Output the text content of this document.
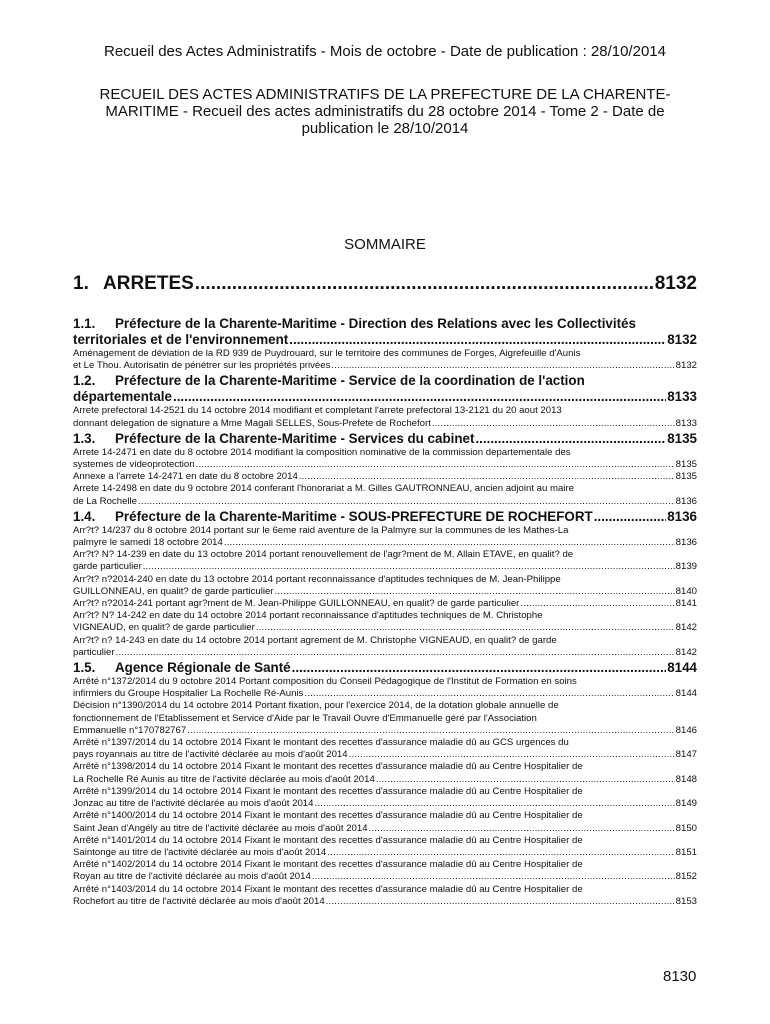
Recueil des Actes Administratifs - Mois de octobre - Date de publication : 28/10/2014
RECUEIL DES ACTES ADMINISTRATIFS DE LA PREFECTURE DE LA CHARENTE-MARITIME - Recueil des actes administratifs du 28 octobre 2014 - Tome 2 - Date de publication le 28/10/2014
SOMMAIRE
1. ARRETES .....	8132
1.1.	Préfecture de la Charente-Maritime - Direction des Relations avec les Collectivités
territoriales et de l'environnement .....	8132
Aménagement de déviation de la RD 939 de Puydrouard, sur le territoire des communes de Forges, Aigrefeuille d'Aunis
et Le Thou. Autorisatin de pénétrer sur les propriétés privées .....	8132
1.2.	Préfecture de la Charente-Maritime - Service de la coordination de l'action
départementale .....	8133
Arrete prefectoral 14-2521 du 14 octobre 2014 modifiant et completant l'arrete prefectoral 13-2121 du 20 aout 2013
donnant delegation de signature a Mme Magali SELLES, Sous-Prefete de Rochefort .....	8133
1.3.	Préfecture de la Charente-Maritime - Services du cabinet .....	8135
Arrete 14-2471 en date du 8 octobre 2014 modifiant la composition nominative de la commission departementale des
systemes de videoprotection .....	8135
Annexe a l'arrete 14-2471 en date du 8 octobre 2014 .....	8135
Arrete 14-2498 en date du 9 octobre 2014 conferant l'honorariat a M. Gilles GAUTRONNEAU, ancien adjoint au maire
de La Rochelle .....	8136
1.4.	Préfecture de la Charente-Maritime - SOUS-PREFECTURE DE ROCHEFORT .....	8136
Arr?t? 14/237 du 8 octobre 2014 portant sur le 6eme raid aventure de la Palmyre sur la communes de les Mathes-La
palmyre le samedi 18 octobre 2014 .....	8136
Arr?t? N? 14-239 en date du 13 octobre 2014 portant renouvellement de l'agr?ment de M. Allain ETAVE, en qualit? de
garde particulier .....	8139
Arr?t? n?2014-240 en date du 13 octobre 2014 portant reconnaissance d'aptitudes techniques de M. Jean-Philippe
GUILLONNEAU, en qualit? de garde particulier .....	8140
Arr?t? n?2014-241 portant agr?ment de M. Jean-Philippe GUILLONNEAU, en qualit? de garde particulier .....	8141
Arr?t? N? 14-242 en date du 14 octobre 2014 portant reconnaissance d'aptitudes techniques de M. Christophe
VIGNEAUD, en qualit? de garde particulier .....	8142
Arr?t? n? 14-243 en date du 14 octobre 2014 portant agrement de M. Christophe VIGNEAUD, en qualit? de garde
particulier .....	8142
1.5.	Agence Régionale de Santé .....	8144
Arrêté n°1372/2014 du 9 octobre 2014 Portant composition du Conseil Pédagogique de l'Institut de Formation en soins
infirmiers du Groupe Hospitalier La Rochelle Ré-Aunis .....	8144
Décision n°1390/2014 du 14 octobre 2014 Portant fixation, pour l'exercice 2014, de la dotation globale annuelle de
fonctionnement de l'Etablissement et Service d'Aide par le Travail Ouvre d'Emmanuelle géré par l'Association
Emmanuelle n°170782767 .....	8146
Arrêté n°1397/2014 du 14 octobre 2014 Fixant le montant des recettes d'assurance maladie dû au GCS urgences du
pays royannais au titre de l'activité déclarée au mois d'août 2014 .....	8147
Arrêté n°1398/2014 du 14 octobre 2014 Fixant le montant des recettes d'assurance maladie dû au Centre Hospitalier de
La Rochelle Ré Aunis au titre de l'activité déclarée au mois d'août 2014 .....	8148
Arrêté n°1399/2014 du 14 octobre 2014 Fixant le montant des recettes d'assurance maladie dû au Centre Hospitalier de
Jonzac au titre de l'activité déclarée au mois d'août 2014 .....	8149
Arrêté n°1400/2014 du 14 octobre 2014 Fixant le montant des recettes d'assurance maladie dû au Centre Hospitalier de
Saint Jean d'Angély au titre de l'activité déclarée au mois d'août 2014 .....	8150
Arrêté n°1401/2014 du 14 octobre 2014 Fixant le montant des recettes d'assurance maladie dû au Centre Hospitalier de
Saintonge au titre de l'activité déclarée au mois d'août 2014 .....	8151
Arrêté n°1402/2014 du 14 octobre 2014 Fixant le montant des recettes d'assurance maladie dû au Centre Hospitalier de
Royan au titre de l'activité déclarée au mois d'août 2014 .....	8152
Arrêté n°1403/2014 du 14 octobre 2014 Fixant le montant des recettes d'assurance maladie dû au Centre Hospitalier de
Rochefort au titre de l'activité déclarée au mois d'août 2014 .....	8153
8130
